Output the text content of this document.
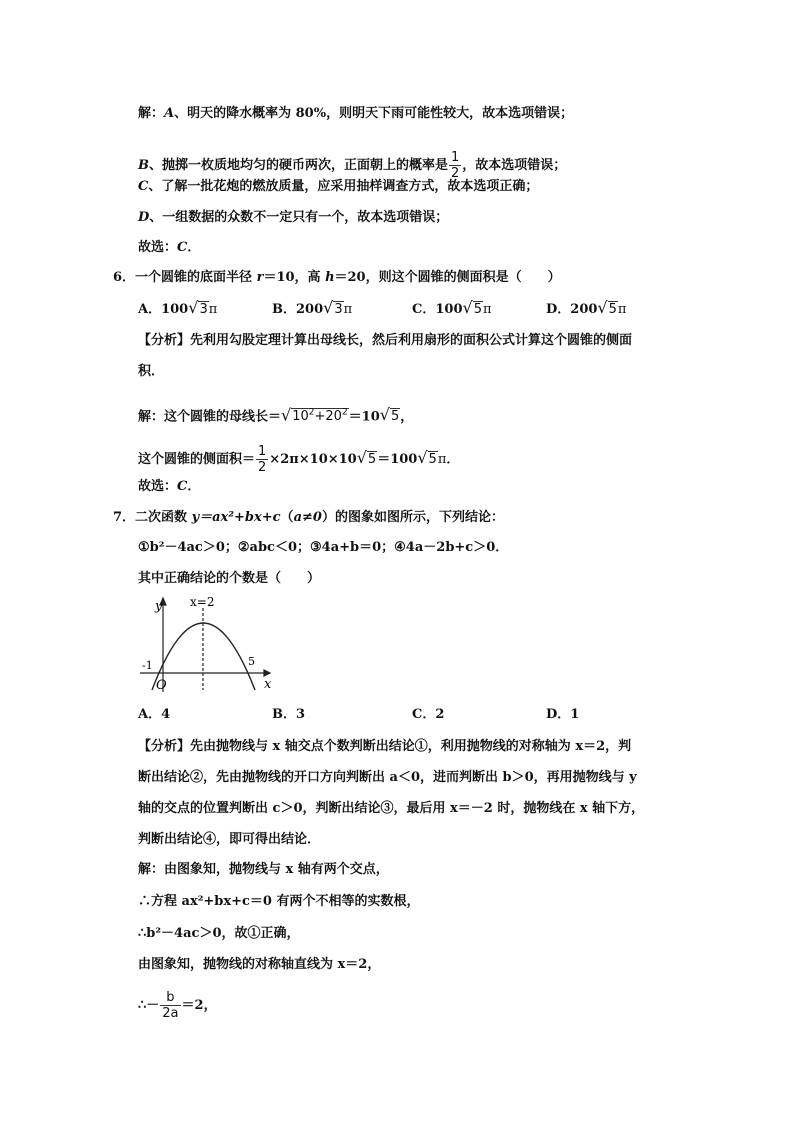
解：A、明天的降水概率为 80%，则明天下雨可能性较大，故本选项错误；
B、抛掷一枚质地均匀的硬币两次，正面朝上的概率是 $\frac{1}{2}$ ，故本选项错误；
C、了解一批花炮的燃放质量，应采用抽样调查方式，故本选项正确；
D、一组数据的众数不一定只有一个，故本选项错误；
故选：C．
6．一个圆锥的底面半径 r＝10，高 h＝20，则这个圆锥的侧面积是（　　）
A．100√3π	B．200√3π	C．100√5π	D．200√5π
【分析】先利用勾股定理计算出母线长，然后利用扇形的面积公式计算这个圆锥的侧面
积．
解：这个圆锥的母线长$=√10^2+20^2=10√5$，
这个圆锥的侧面积＝ $\frac{1}{2} \times 2\pi\times 10\times 10√5=100√5\pi$．
故选：C．
7．二次函数 y＝ax²+bx+c（a≠0）的图象如图所示，下列结论：
①b²－4ac＞0；②abc＜0；③4a+b＝0；④4a－2b+c＞0．
其中正确结论的个数是（　　）
y x=2
x
O
-1	5
A．4	B．3	C．2	D．1
【分析】先由抛物线与 x 轴交点个数判断出结论①，利用抛物线的对称轴为 x＝2，判
断出结论②，先由抛物线的开口方向判断出 a＜0，进而判断出 b＞0，再用抛物线与 y
轴的交点的位置判断出 c＞0，判断出结论③，最后用 x＝－2 时，抛物线在 x 轴下方，
判断出结论④，即可得出结论．
解：由图象知，抛物线与 x 轴有两个交点，
∴方程 ax²+bx+c＝0 有两个不相等的实数根，
∴b²－4ac＞0，故①正确，
由图象知，抛物线的对称轴直线为 x＝2，
∴－ $\frac{b}{2a} =2$，
